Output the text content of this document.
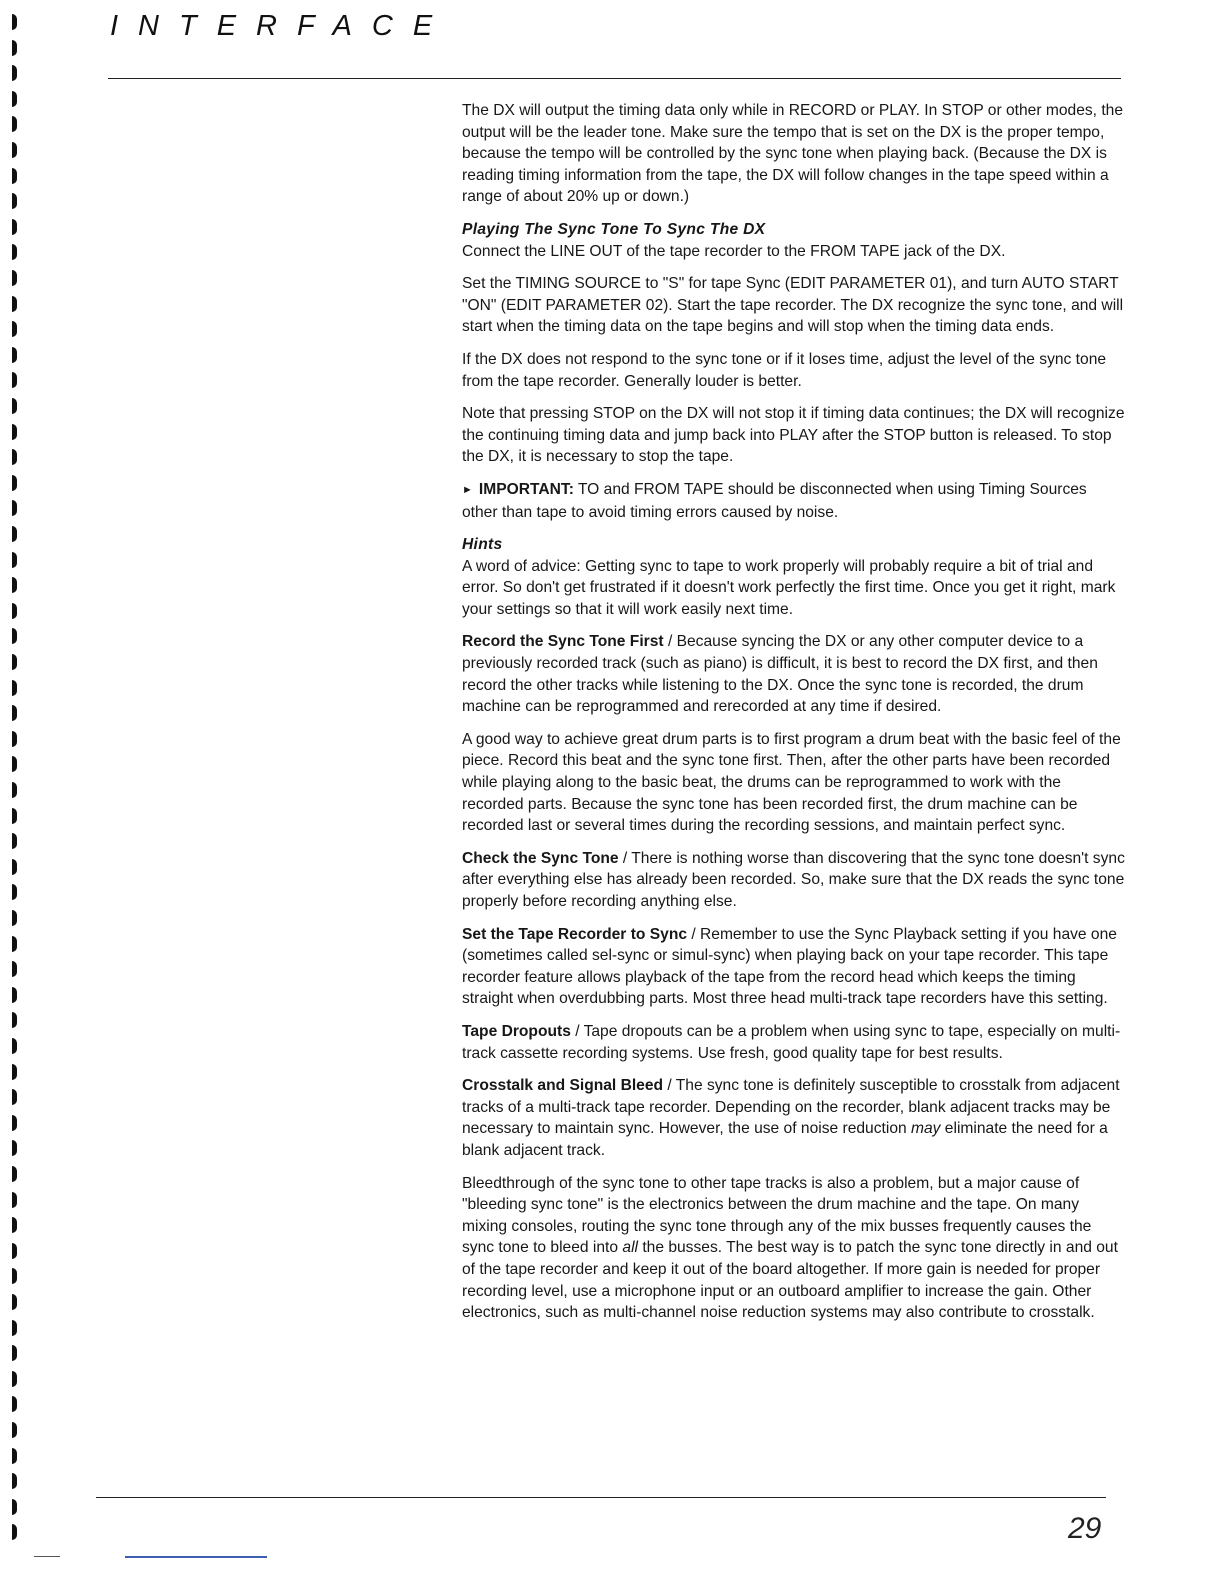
INTERFACE

The DX will output the timing data only while in RECORD or PLAY. In STOP or other modes, the output will be the leader tone. Make sure the tempo that is set on the DX is the proper tempo, because the tempo will be controlled by the sync tone when playing back. (Because the DX is reading timing information from the tape, the DX will follow changes in the tape speed within a range of about 20% up or down.)

Playing The Sync Tone To Sync The DX

Connect the LINE OUT of the tape recorder to the FROM TAPE jack of the DX.

Set the TIMING SOURCE to "S" for tape Sync (EDIT PARAMETER 01), and turn AUTO START "ON" (EDIT PARAMETER 02). Start the tape recorder. The DX recognize the sync tone, and will start when the timing data on the tape begins and will stop when the timing data ends.

If the DX does not respond to the sync tone or if it loses time, adjust the level of the sync tone from the tape recorder. Generally louder is better.

Note that pressing STOP on the DX will not stop it if timing data continues; the DX will recognize the continuing timing data and jump back into PLAY after the STOP button is released. To stop the DX, it is necessary to stop the tape.

► IMPORTANT: TO and FROM TAPE should be disconnected when using Timing Sources other than tape to avoid timing errors caused by noise.

Hints

A word of advice: Getting sync to tape to work properly will probably require a bit of trial and error. So don't get frustrated if it doesn't work perfectly the first time. Once you get it right, mark your settings so that it will work easily next time.

Record the Sync Tone First / Because syncing the DX or any other computer device to a previously recorded track (such as piano) is difficult, it is best to record the DX first, and then record the other tracks while listening to the DX. Once the sync tone is recorded, the drum machine can be reprogrammed and rerecorded at any time if desired.

A good way to achieve great drum parts is to first program a drum beat with the basic feel of the piece. Record this beat and the sync tone first. Then, after the other parts have been recorded while playing along to the basic beat, the drums can be reprogrammed to work with the recorded parts. Because the sync tone has been recorded first, the drum machine can be recorded last or several times during the recording sessions, and maintain perfect sync.

Check the Sync Tone / There is nothing worse than discovering that the sync tone doesn't sync after everything else has already been recorded. So, make sure that the DX reads the sync tone properly before recording anything else.

Set the Tape Recorder to Sync / Remember to use the Sync Playback setting if you have one (sometimes called sel-sync or simul-sync) when playing back on your tape recorder. This tape recorder feature allows playback of the tape from the record head which keeps the timing straight when overdubbing parts. Most three head multi-track tape recorders have this setting.

Tape Dropouts / Tape dropouts can be a problem when using sync to tape, especially on multi-track cassette recording systems. Use fresh, good quality tape for best results.

Crosstalk and Signal Bleed / The sync tone is definitely susceptible to crosstalk from adjacent tracks of a multi-track tape recorder. Depending on the recorder, blank adjacent tracks may be necessary to maintain sync. However, the use of noise reduction may eliminate the need for a blank adjacent track.

Bleedthrough of the sync tone to other tape tracks is also a problem, but a major cause of "bleeding sync tone" is the electronics between the drum machine and the tape. On many mixing consoles, routing the sync tone through any of the mix busses frequently causes the sync tone to bleed into all the busses. The best way is to patch the sync tone directly in and out of the tape recorder and keep it out of the board altogether. If more gain is needed for proper recording level, use a microphone input or an outboard amplifier to increase the gain. Other electronics, such as multi-channel noise reduction systems may also contribute to crosstalk.

29
